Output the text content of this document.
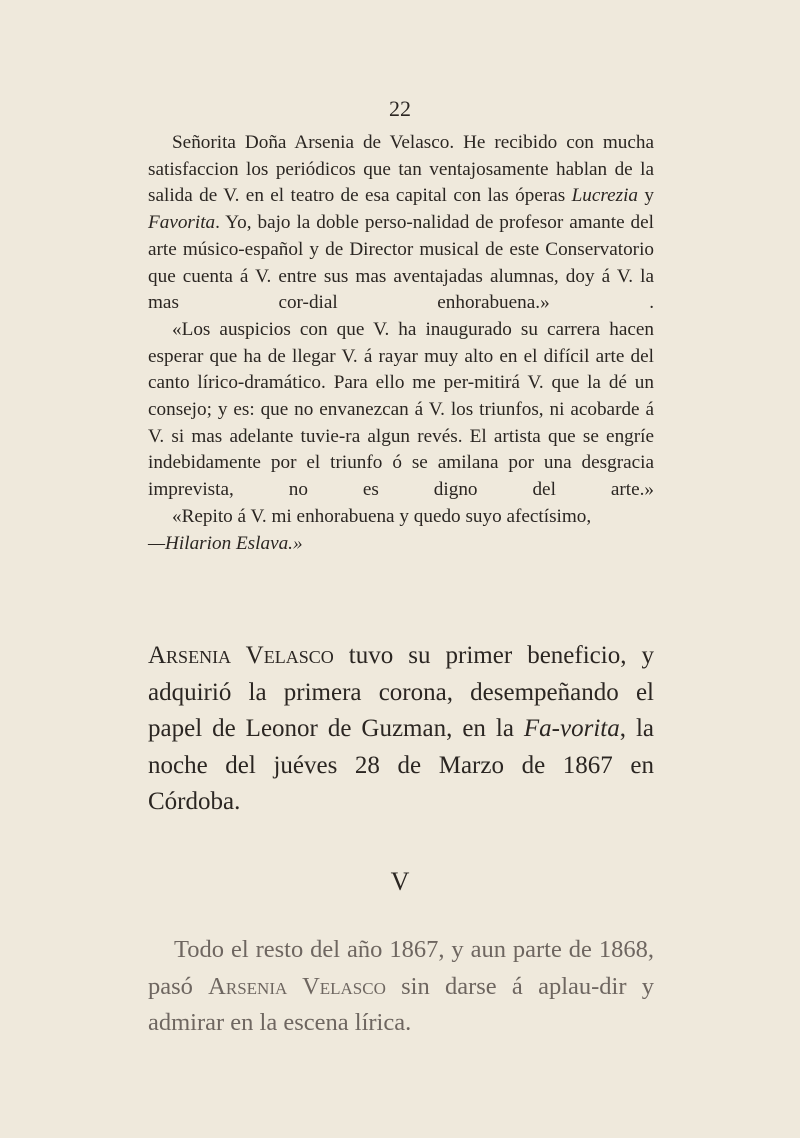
22

Señorita Doña Arsenia de Velasco. He recibido con mucha satisfaccion los periódicos que tan ventajosamente hablan de la salida de V. en el teatro de esa capital con las óperas Lucrezia y Favorita. Yo, bajo la doble perso-nalidad de profesor amante del arte músico-español y de Director musical de este Conservatorio que cuenta á V. entre sus mas aventajadas alumnas, doy á V. la mas cor-dial enhorabuena.» .

«Los auspicios con que V. ha inaugurado su carrera hacen esperar que ha de llegar V. á rayar muy alto en el difícil arte del canto lírico-dramático. Para ello me per-mitirá V. que la dé un consejo; y es: que no envanezcan á V. los triunfos, ni acobarde á V. si mas adelante tuvie-ra algun revés. El artista que se engríe indebidamente por el triunfo ó se amilana por una desgracia imprevista, no es digno del arte.»

«Repito á V. mi enhorabuena y quedo suyo afectísimo,

—Hilarion Eslava.»

Arsenia Velasco tuvo su primer beneficio, y adquirió la primera corona, desempeñando el papel de Leonor de Guzman, en la Fa-vorita, la noche del juéves 28 de Marzo de 1867 en Córdoba.

V

Todo el resto del año 1867, y aun parte de 1868, pasó Arsenia Velasco sin darse á aplau-dir y admirar en la escena lírica.
